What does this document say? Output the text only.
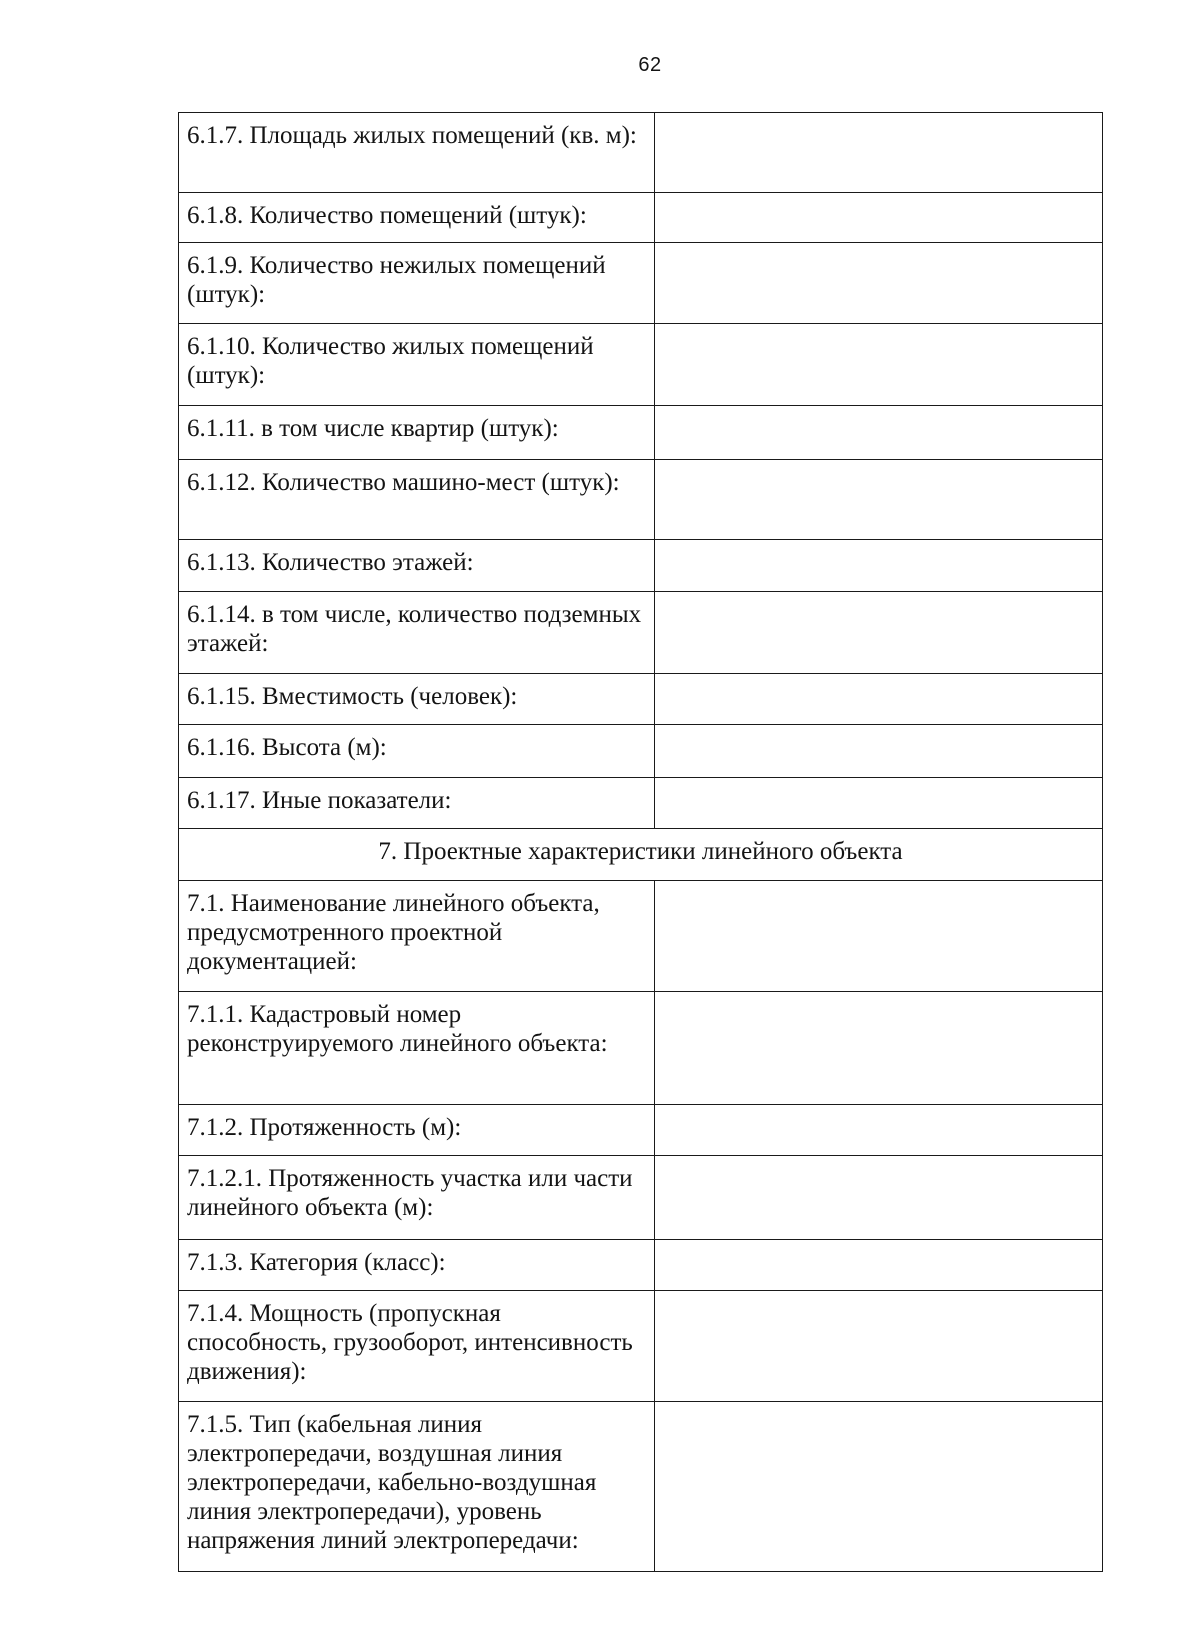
62
6.1.7. Площадь жилых помещений (кв. м):	
6.1.8. Количество помещений (штук):	
6.1.9. Количество нежилых помещений (штук):	
6.1.10. Количество жилых помещений (штук):	
6.1.11. в том числе квартир (штук):	
6.1.12. Количество машино-мест (штук):	
6.1.13. Количество этажей:	
6.1.14. в том числе, количество подземных этажей:	
6.1.15. Вместимость (человек):	
6.1.16. Высота (м):	
6.1.17. Иные показатели:	
7. Проектные характеристики линейного объекта	
7.1. Наименование линейного объекта, предусмотренного проектной документацией:	
7.1.1. Кадастровый номер реконструируемого линейного объекта:	
7.1.2. Протяженность (м):	
7.1.2.1. Протяженность участка или части линейного объекта (м):	
7.1.3. Категория (класс):	
7.1.4. Мощность (пропускная способность, грузооборот, интенсивность движения):	
7.1.5. Тип (кабельная линия электропередачи, воздушная линия электропередачи, кабельно-воздушная линия электропередачи), уровень напряжения линий электропередачи:	
